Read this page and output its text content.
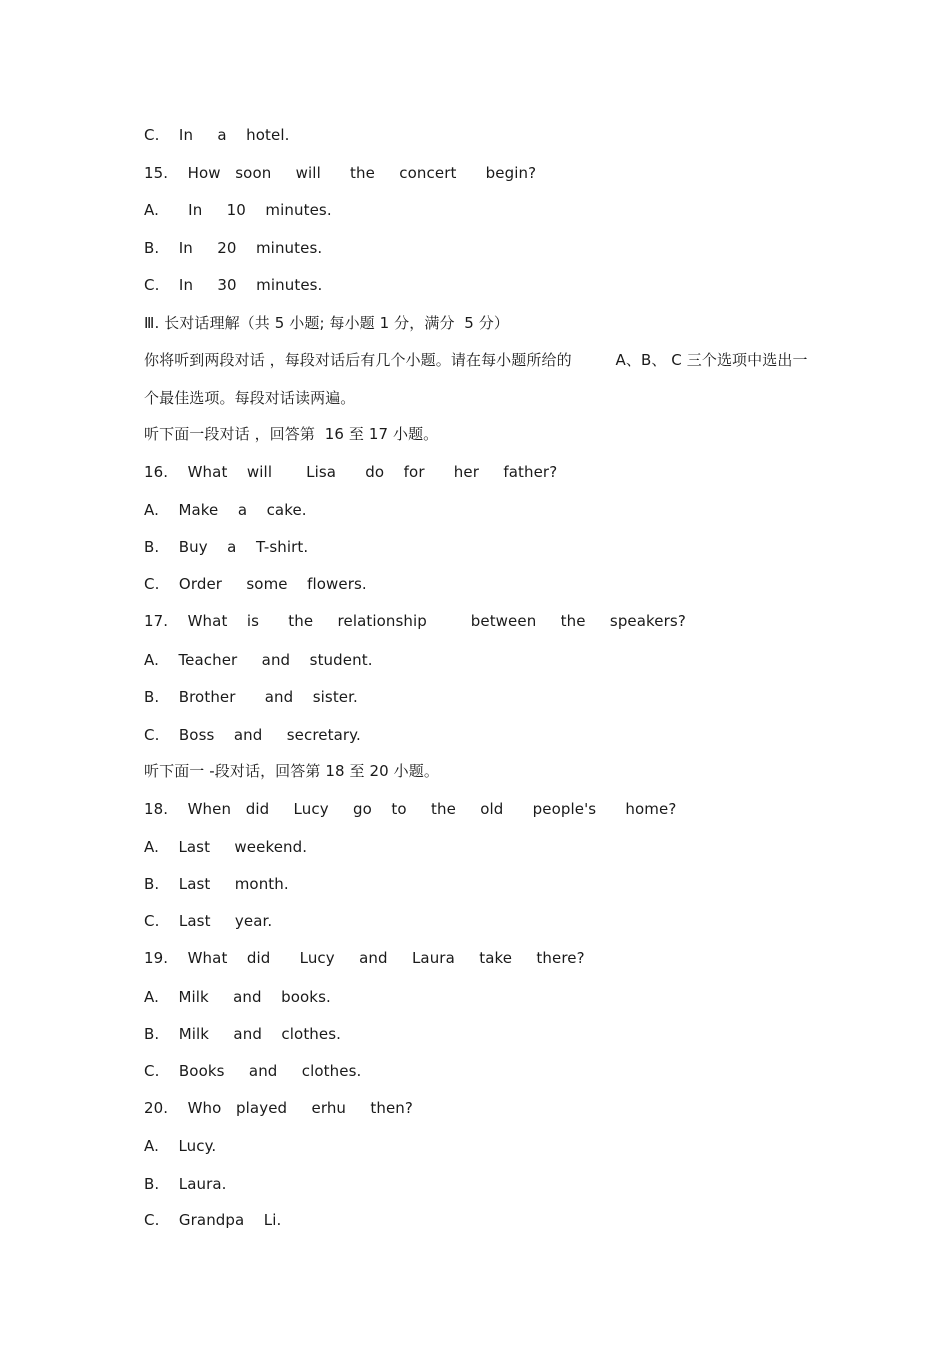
C.    In     a    hotel.
15.    How   soon     will      the     concert      begin?
A.      In     10    minutes.
B.    In     20    minutes.
C.    In     30    minutes.
Ⅲ. 长对话理解（共 5 小题; 每小题 1 分，满分  5 分）
你将听到两段对话 ，每段对话后有几个小题。请在每小题所给的         A、B、 C 三个选项中选出一
个最佳选项。每段对话读两遍。
听下面一段对话 ，回答第  16 至 17 小题。
16.    What    will       Lisa      do    for      her     father?
A.    Make    a    cake.
B.    Buy    a    T-shirt.
C.    Order     some    flowers.
17.    What    is      the     relationship         between     the     speakers?
A.    Teacher     and    student.
B.    Brother      and    sister.
C.    Boss    and     secretary.
听下面一 -段对话，回答第 18 至 20 小题。
18.    When   did     Lucy     go    to     the     old      people's      home?
A.    Last     weekend.
B.    Last     month.
C.    Last     year.
19.    What    did      Lucy     and     Laura     take     there?
A.    Milk     and    books.
B.    Milk     and    clothes.
C.    Books     and     clothes.
20.    Who   played     erhu     then?
A.    Lucy.
B.    Laura.
C.    Grandpa    Li.
